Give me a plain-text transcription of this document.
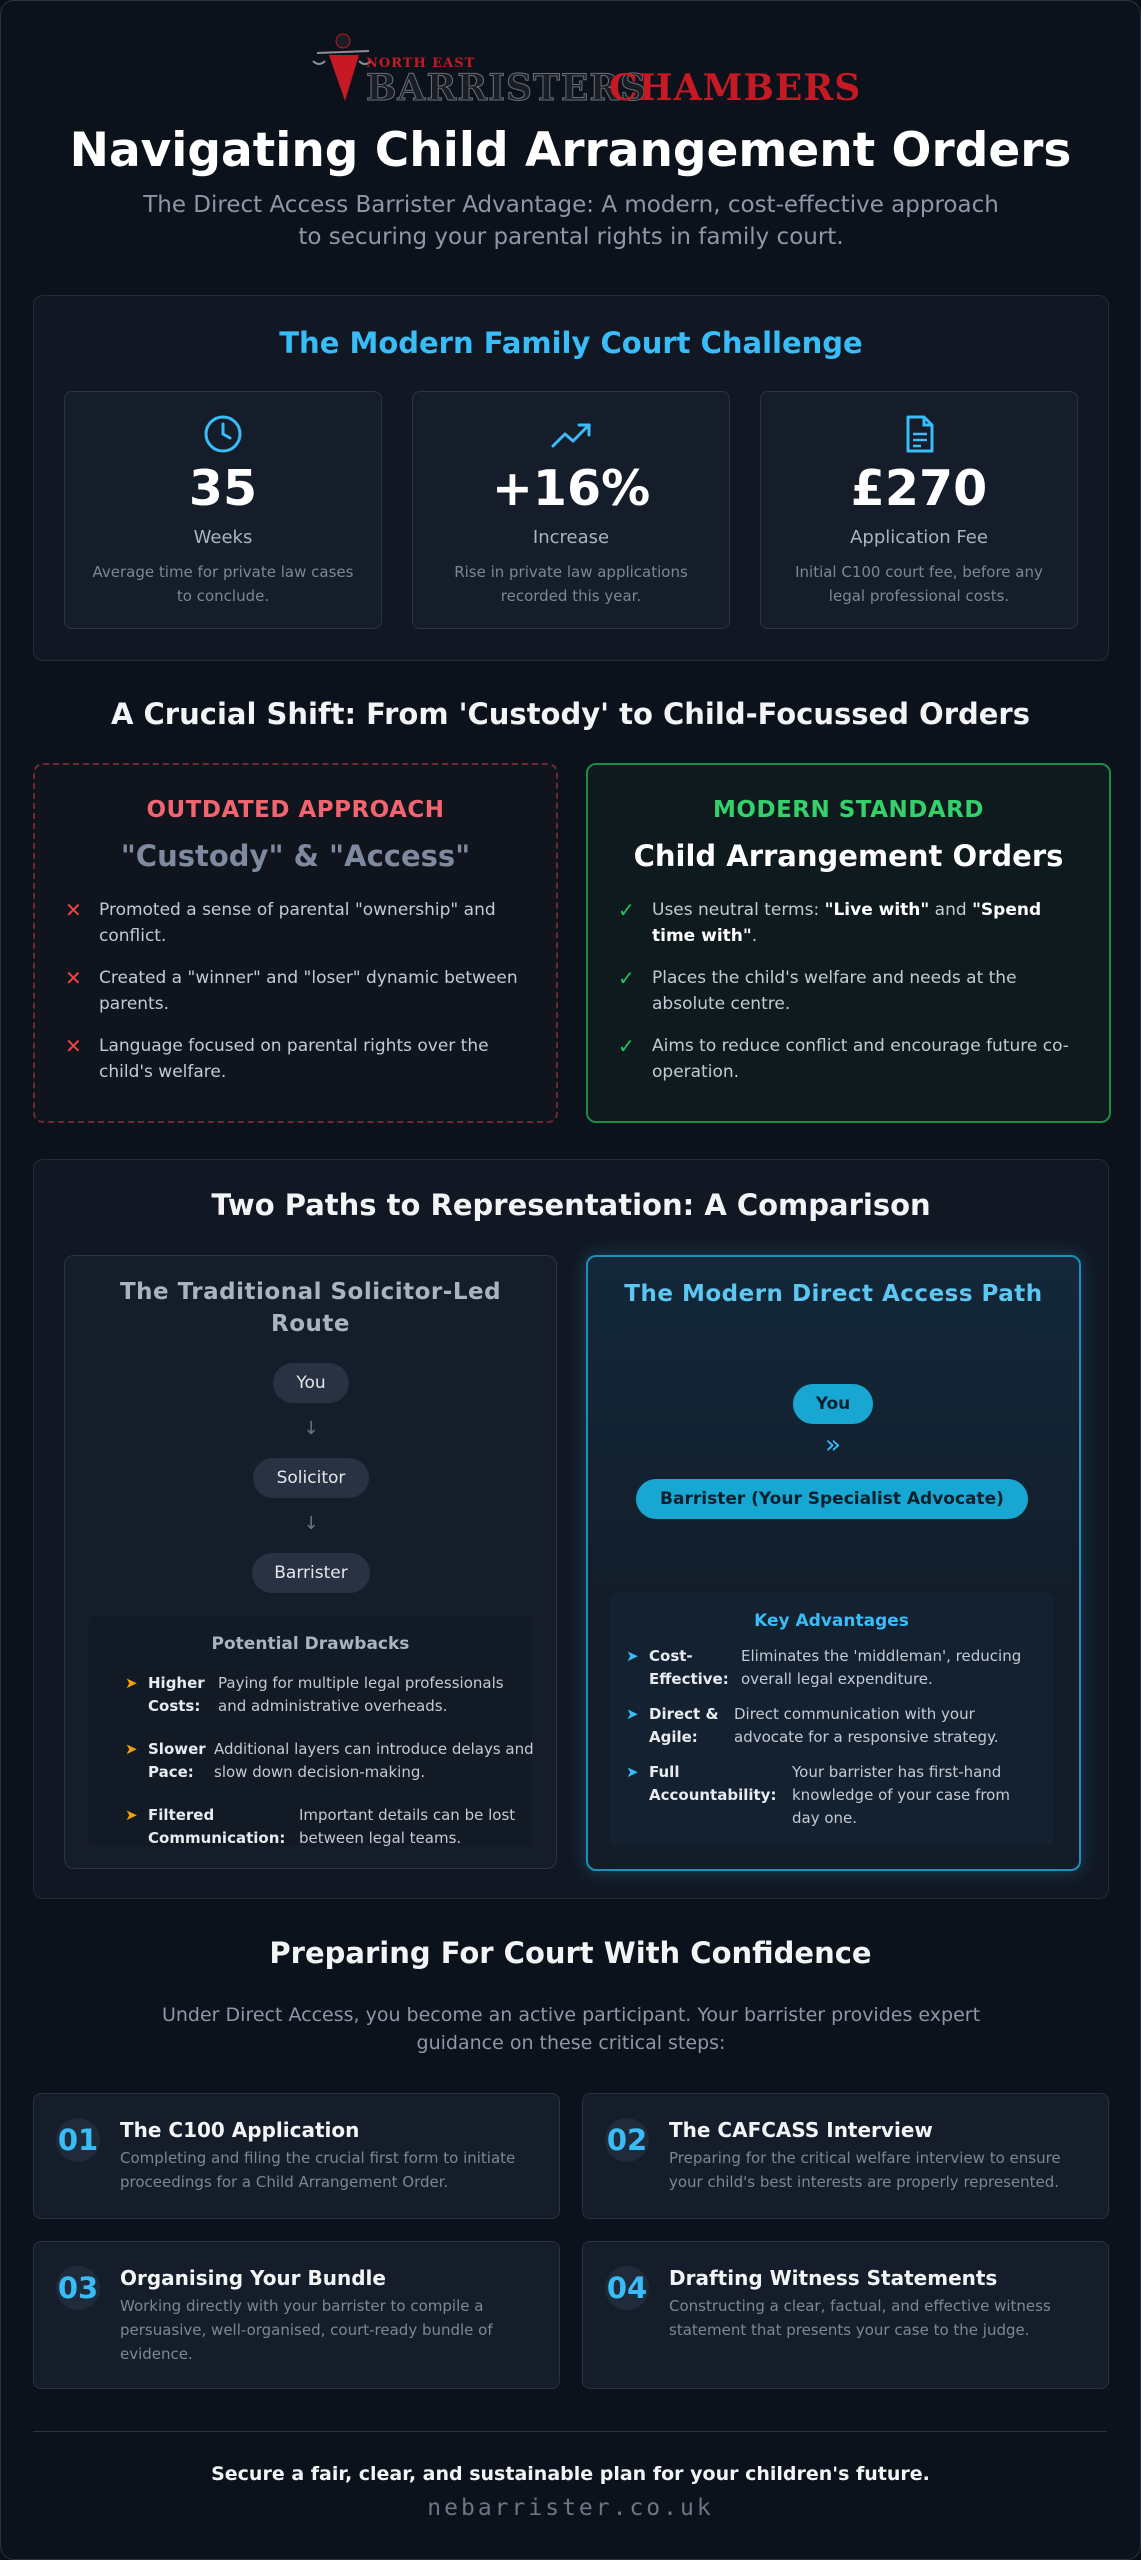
NORTH EAST
BARRISTERS
CHAMBERS
Navigating Child Arrangement Orders
The Direct Access Barrister Advantage: A modern, cost-effective approach to securing your parental rights in family court.
The Modern Family Court Challenge
35
Weeks
Average time for private law cases to conclude.
+16%
Increase
Rise in private law applications recorded this year.
£270
Application Fee
Initial C100 court fee, before any legal professional costs.
A Crucial Shift: From 'Custody' to Child-Focussed Orders
OUTDATED APPROACH
"Custody" & "Access"
✕ Promoted a sense of parental "ownership" and conflict.
✕ Created a "winner" and "loser" dynamic between parents.
✕ Language focused on parental rights over the child's welfare.
MODERN STANDARD
Child Arrangement Orders
✓ Uses neutral terms: "Live with" and "Spend time with".
✓ Places the child's welfare and needs at the absolute centre.
✓ Aims to reduce conflict and encourage future co-operation.
Two Paths to Representation: A Comparison
The Traditional Solicitor-Led Route
You
↓
Solicitor
↓
Barrister
Potential Drawbacks
➤ Higher Costs:
Paying for multiple legal professionals and administrative overheads.
➤ Slower Pace:
Additional layers can introduce delays and slow down decision-making.
➤ Filtered Communication:
Important details can be lost between legal teams.
The Modern Direct Access Path
You
»
Barrister (Your Specialist Advocate)
Key Advantages
➤ Cost-Effective:
Eliminates the 'middleman', reducing overall legal expenditure.
➤ Direct & Agile:
Direct communication with your advocate for a responsive strategy.
➤ Full Accountability:
Your barrister has first-hand knowledge of your case from day one.
Preparing For Court With Confidence
Under Direct Access, you become an active participant. Your barrister provides expert guidance on these critical steps:
01 The C100 Application
Completing and filing the crucial first form to initiate proceedings for a Child Arrangement Order.
02 The CAFCASS Interview
Preparing for the critical welfare interview to ensure your child's best interests are properly represented.
03 Organising Your Bundle
Working directly with your barrister to compile a persuasive, well-organised, court-ready bundle of evidence.
04 Drafting Witness Statements
Constructing a clear, factual, and effective witness statement that presents your case to the judge.
Secure a fair, clear, and sustainable plan for your children's future.
nebarrister.co.uk
